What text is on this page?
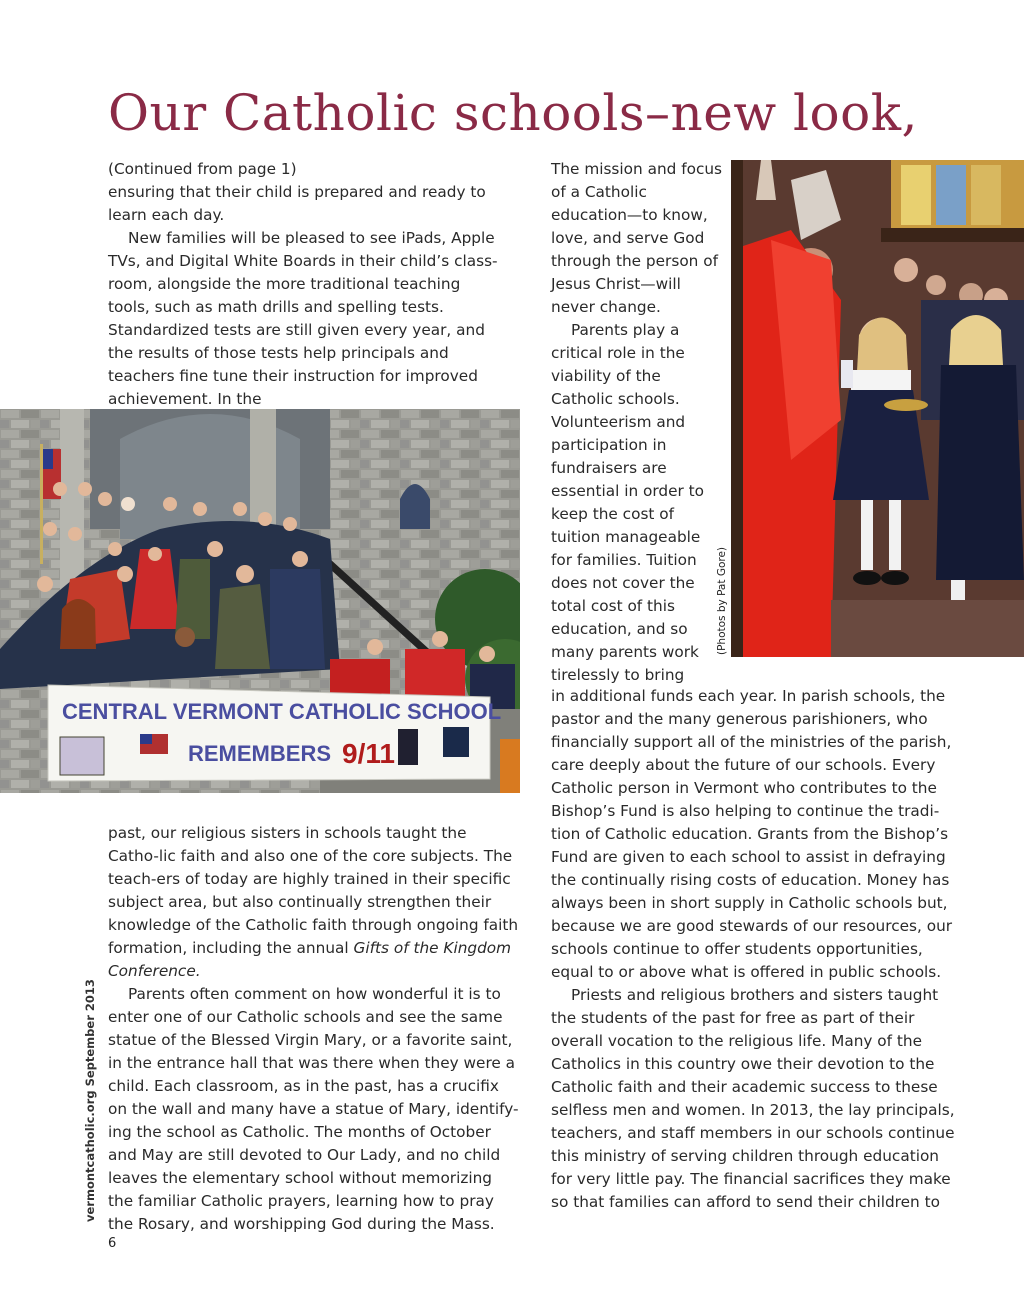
Our Catholic schools–new look,

(Continued from page 1)

ensuring that their child is prepared and ready to learn each day.

New families will be pleased to see iPads, Apple TVs, and Digital White Boards in their child’s class-room, alongside the more traditional teaching tools, such as math drills and spelling tests. Standardized tests are still given every year, and the results of those tests help principals and teachers fine tune their instruction for improved achievement. In the

CENTRAL VERMONT CATHOLIC SCHOOL
REMEMBERS 9/11

past, our religious sisters in schools taught the Catho-lic faith and also one of the core subjects. The teach-ers of today are highly trained in their specific subject area, but also continually strengthen their knowledge of the Catholic faith through ongoing faith formation, including the annual Gifts of the Kingdom Conference.

Parents often comment on how wonderful it is to enter one of our Catholic schools and see the same statue of the Blessed Virgin Mary, or a favorite saint, in the entrance hall that was there when they were a child. Each classroom, as in the past, has a crucifix on the wall and many have a statue of Mary, identify-ing the school as Catholic. The months of October and May are still devoted to Our Lady, and no child leaves the elementary school without memorizing the familiar Catholic prayers, learning how to pray the Rosary, and worshipping God during the Mass.

The mission and focus of a Catholic education—to know, love, and serve God through the person of Jesus Christ—will never change.

Parents play a critical role in the viability of the Catholic schools. Volunteerism and participation in fundraisers are essential in order to keep the cost of tuition manageable for families. Tuition does not cover the total cost of this education, and so many parents work tirelessly to bring

(Photos by Pat Gore)

in additional funds each year. In parish schools, the pastor and the many generous parishioners, who financially support all of the ministries of the parish, care deeply about the future of our schools. Every Catholic person in Vermont who contributes to the Bishop’s Fund is also helping to continue the tradi-tion of Catholic education. Grants from the Bishop’s Fund are given to each school to assist in defraying the continually rising costs of education. Money has always been in short supply in Catholic schools but, because we are good stewards of our resources, our schools continue to offer students opportunities, equal to or above what is offered in public schools.

Priests and religious brothers and sisters taught the students of the past for free as part of their overall vocation to the religious life. Many of the Catholics in this country owe their devotion to the Catholic faith and their academic success to these selfless men and women. In 2013, the lay principals, teachers, and staff members in our schools continue this ministry of serving children through education for very little pay. The financial sacrifices they make so that families can afford to send their children to

vermontcatholic.org September 2013
6
